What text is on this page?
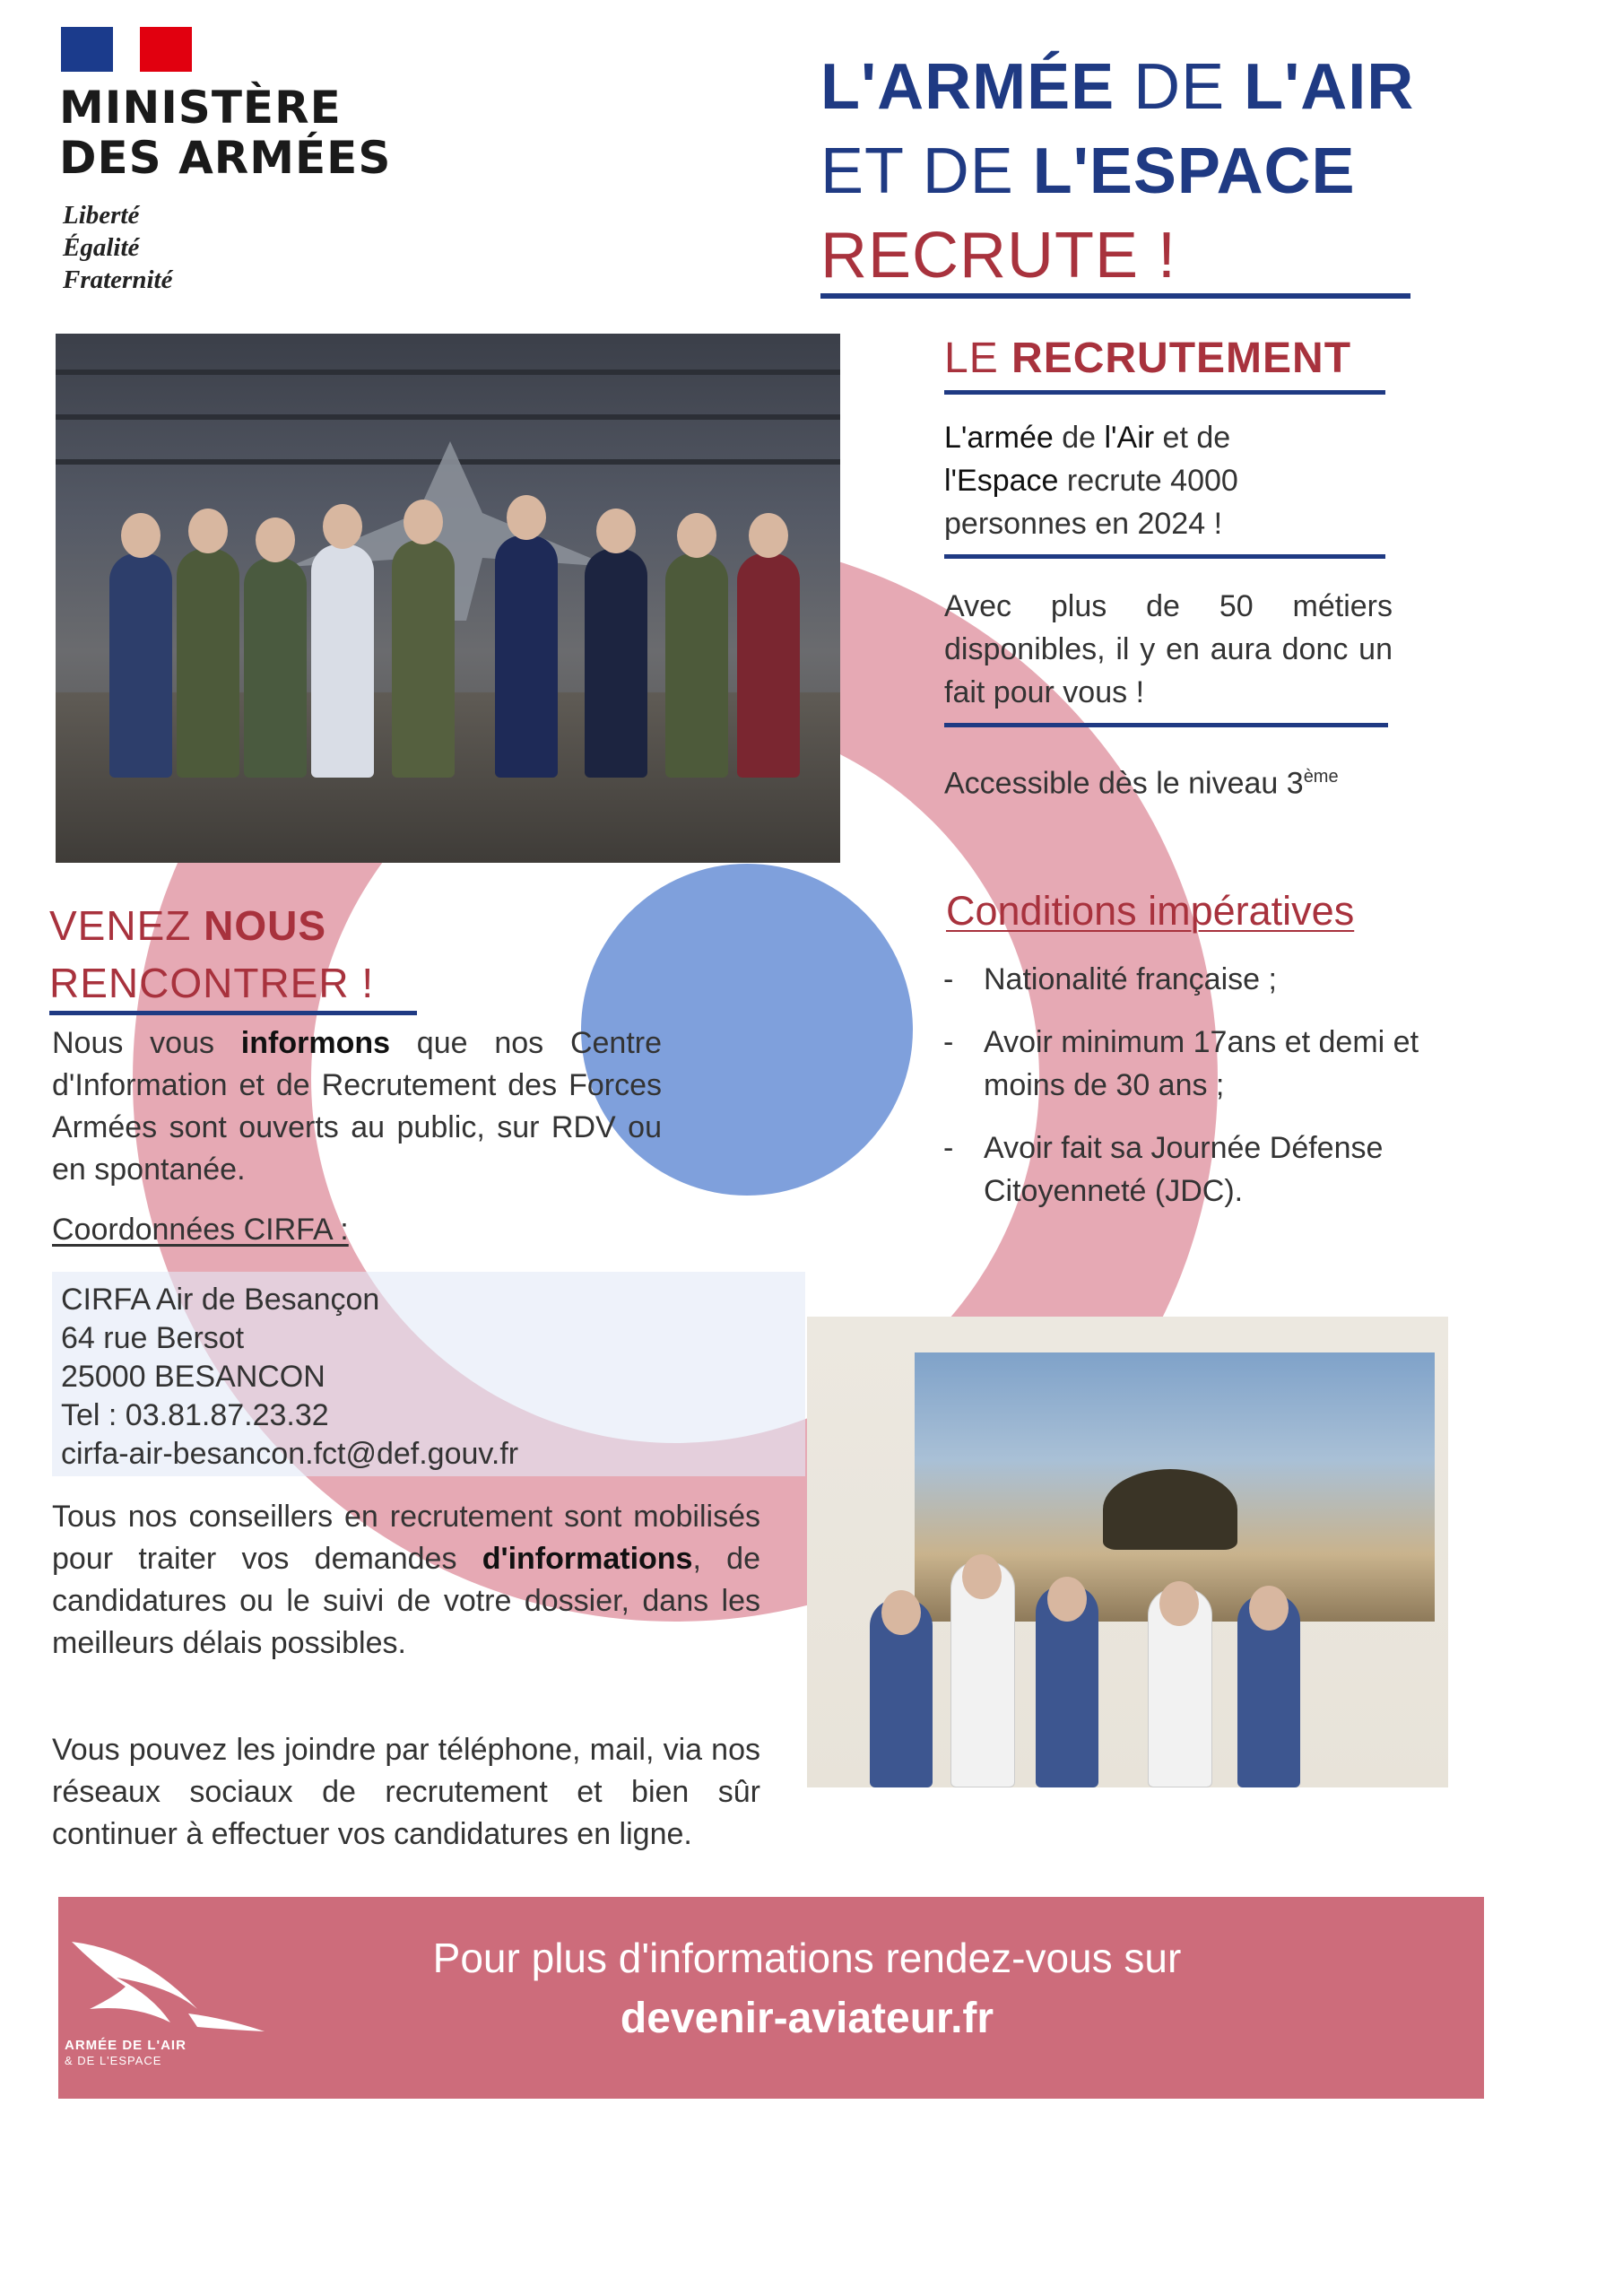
MINISTÈRE
DES ARMÉES
Liberté
Égalité
Fraternité
L'ARMÉE DE L'AIR
ET DE L'ESPACE
RECRUTE !
LE RECRUTEMENT
L'armée de l'Air et de l'Espace recrute 4000 personnes en 2024 !
Avec plus de 50 métiers disponibles, il y en aura donc un fait pour vous !
Accessible dès le niveau 3ème
Conditions impératives
- Nationalité française ;
- Avoir minimum 17ans et demi et moins de 30 ans ;
- Avoir fait sa Journée Défense Citoyenneté (JDC).
VENEZ NOUS
RENCONTRER !
Nous vous informons que nos Centre d'Information et de Recrutement des Forces Armées sont ouverts au public, sur RDV ou en spontanée.
Coordonnées CIRFA :
CIRFA Air de Besançon
64 rue Bersot
25000 BESANCON
Tel : 03.81.87.23.32
cirfa-air-besancon.fct@def.gouv.fr
Tous nos conseillers en recrutement sont mobilisés pour traiter vos demandes d'informations, de candidatures ou le suivi de votre dossier, dans les meilleurs délais possibles.
Vous pouvez les joindre par téléphone, mail, via nos réseaux sociaux de recrutement et bien sûr continuer à effectuer vos candidatures en ligne.
ARMÉE DE L'AIR
& DE L'ESPACE
Pour plus d'informations rendez-vous sur
devenir-aviateur.fr
